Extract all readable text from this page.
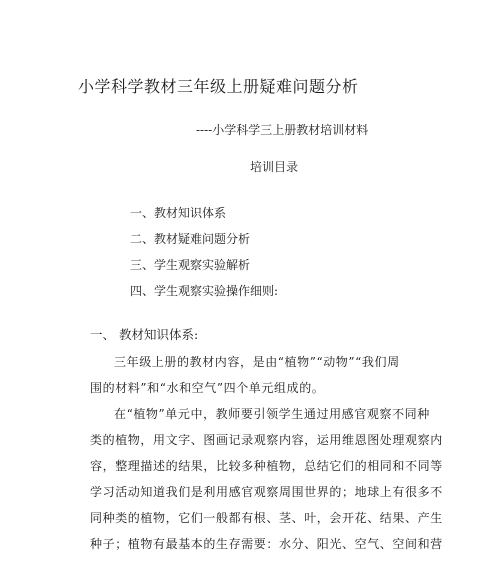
小学科学教材三年级上册疑难问题分析
----小学科学三上册教材培训材料
培训目录
一、教材知识体系
二、教材疑难问题分析
三、学生观察实验解析
四、学生观察实验操作细则:
一、 教材知识体系:
三年级上册的教材内容，是由“植物”“动物”“我们周
围的材料”和“水和空气”四个单元组成的。
在“植物”单元中，教师要引领学生通过用感官观察不同种
类的植物，用文字、图画记录观察内容，运用维恩图处理观察内
容，整理描述的结果，比较多种植物，总结它们的相同和不同等
学习活动知道我们是利用感官观察周围世界的；地球上有很多不
同种类的植物，它们一般都有根、茎、叶，会开花、结果、产生
种子；植物有最基本的生存需要：水分、阳光、空气、空间和营
